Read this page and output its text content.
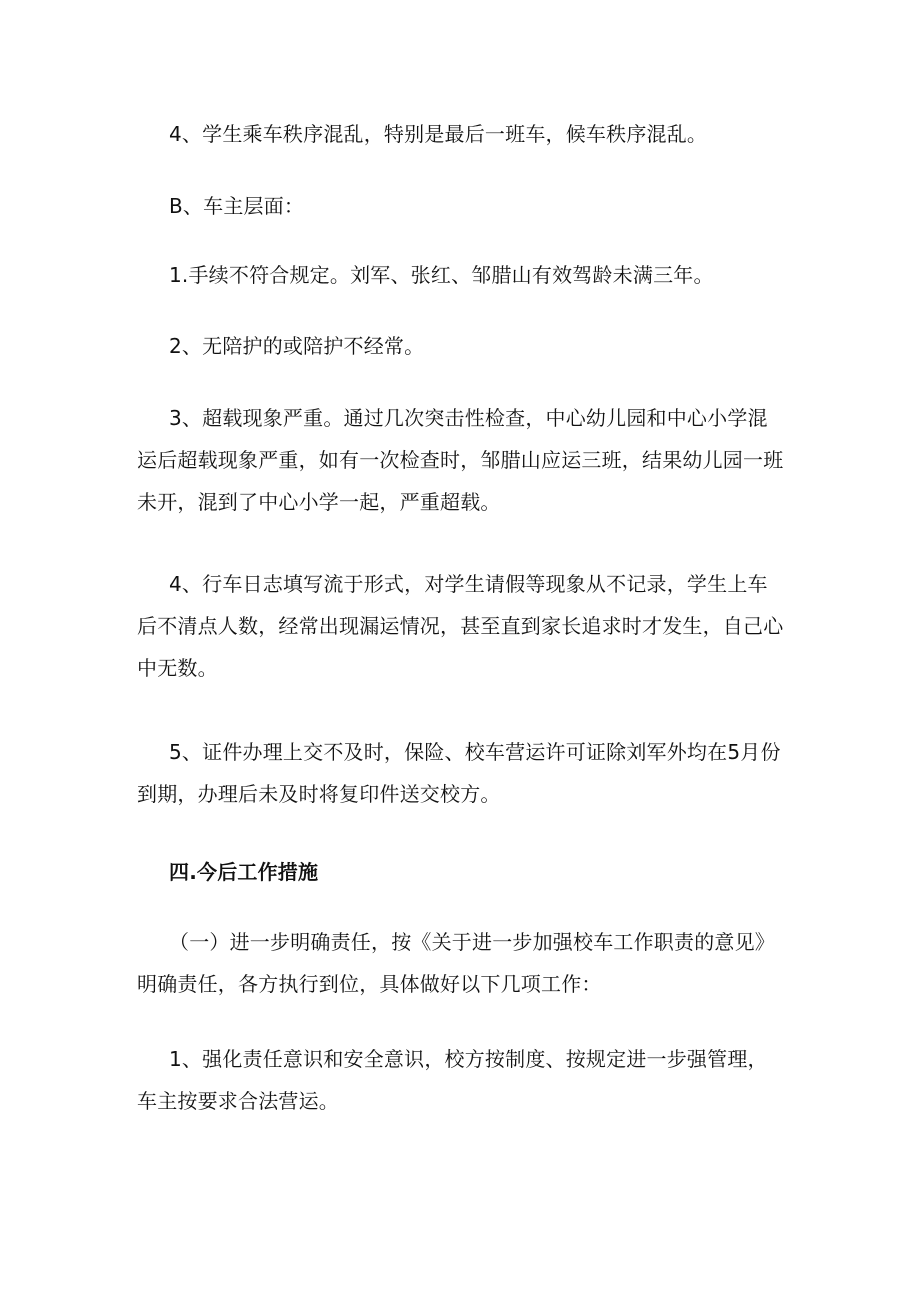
4、学生乘车秩序混乱，特别是最后一班车，候车秩序混乱。

B、车主层面：

1.手续不符合规定。刘军、张红、邹腊山有效驾龄未满三年。

2、无陪护的或陪护不经常。

3、超载现象严重。通过几次突击性检查，中心幼儿园和中心小学混运后超载现象严重，如有一次检查时，邹腊山应运三班，结果幼儿园一班未开，混到了中心小学一起，严重超载。

4、行车日志填写流于形式，对学生请假等现象从不记录，学生上车后不清点人数，经常出现漏运情况，甚至直到家长追求时才发生，自己心中无数。

5、证件办理上交不及时，保险、校车营运许可证除刘军外均在5月份到期，办理后未及时将复印件送交校方。

四.今后工作措施

（一）进一步明确责任，按《关于进一步加强校车工作职责的意见》明确责任，各方执行到位，具体做好以下几项工作：

1、强化责任意识和安全意识，校方按制度、按规定进一步强管理，车主按要求合法营运。
